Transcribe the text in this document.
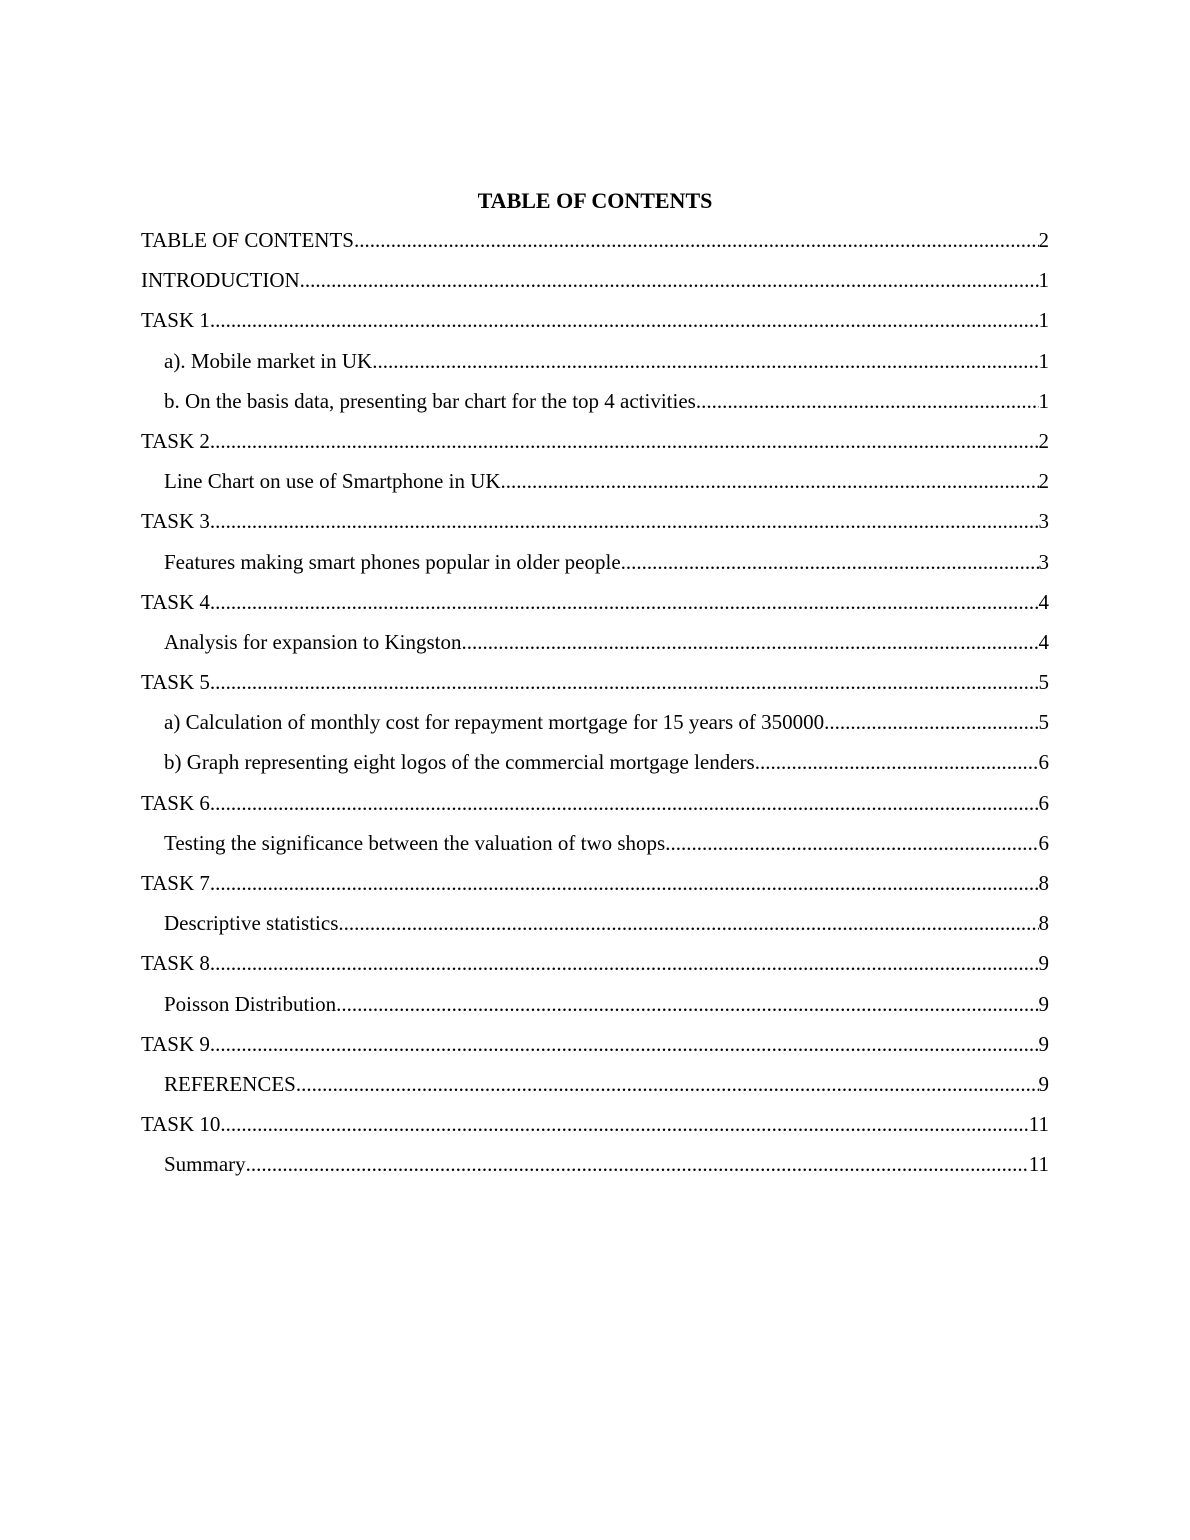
TABLE OF CONTENTS
TABLE OF CONTENTS .....	2
INTRODUCTION .....	1
TASK 1 .....	1
a). Mobile market in UK .....	1
b. On the basis data, presenting bar chart for the top 4 activities .....	1
TASK 2 .....	2
Line Chart on use of Smartphone in UK .....	2
TASK 3 .....	3
Features making smart phones popular in older people .....	3
TASK 4 .....	4
Analysis for expansion to Kingston .....	4
TASK 5 .....	5
a) Calculation of monthly cost for repayment mortgage for 15 years of 350000 .....	5
b) Graph representing eight logos of the commercial mortgage lenders .....	6
TASK 6 .....	6
Testing the significance between the valuation of two shops .....	6
TASK 7 .....	8
Descriptive statistics .....	8
TASK 8 .....	9
Poisson Distribution .....	9
TASK 9 .....	9
REFERENCES .....	9
TASK 10 .....	11
Summary .....	11
